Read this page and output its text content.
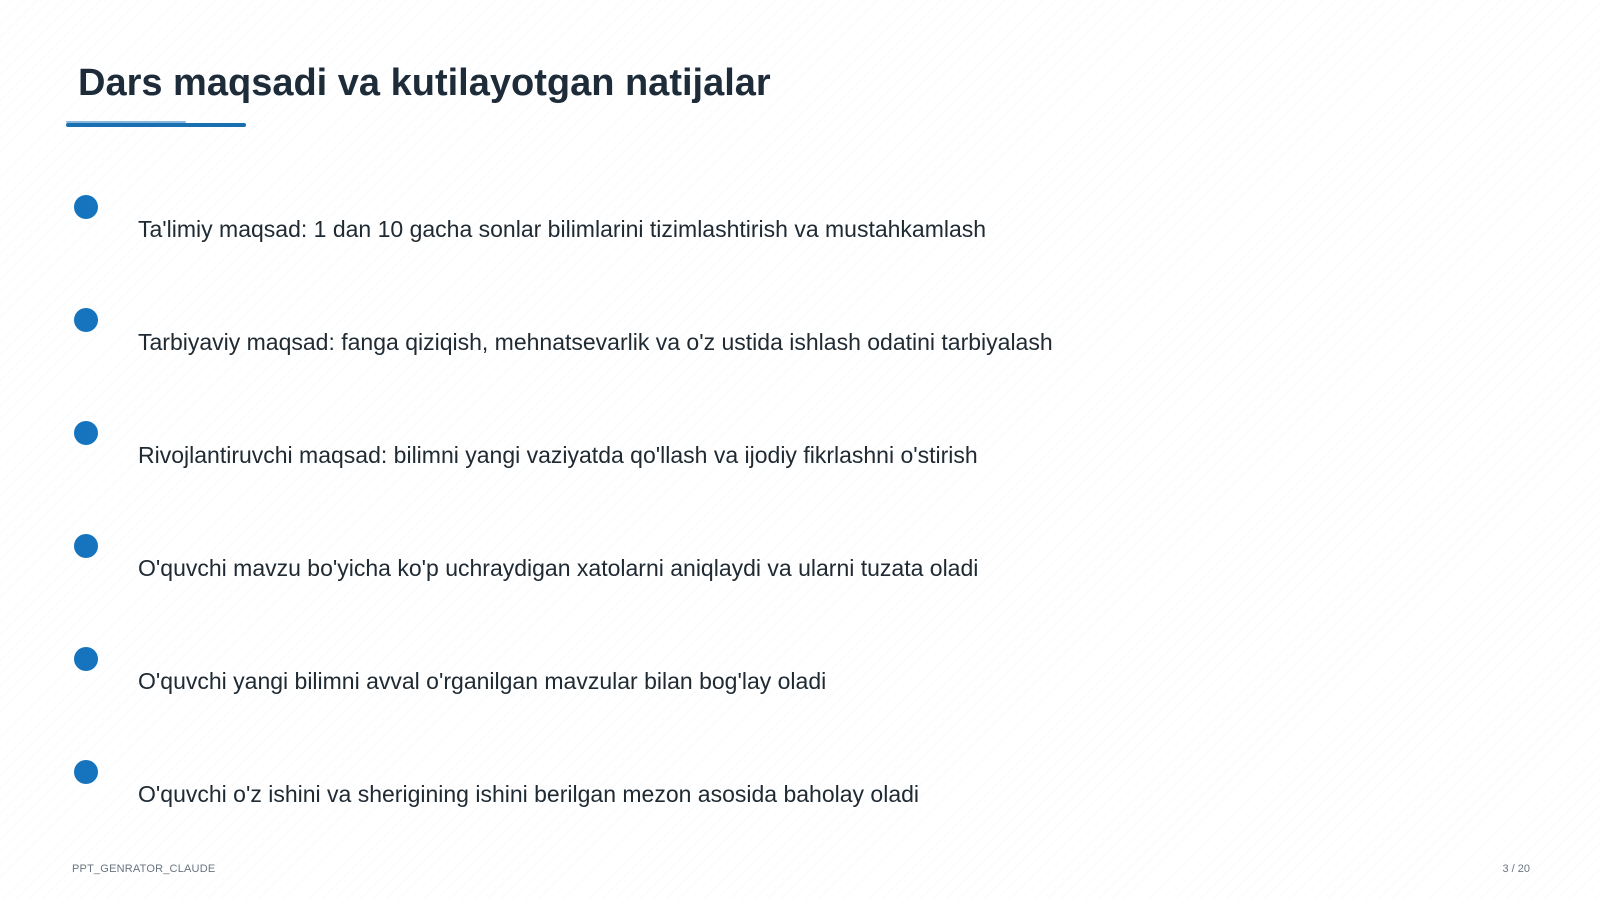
Dars maqsadi va kutilayotgan natijalar
Ta'limiy maqsad: 1 dan 10 gacha sonlar bilimlarini tizimlashtirish va mustahkamlash
Tarbiyaviy maqsad: fanga qiziqish, mehnatsevarlik va o'z ustida ishlash odatini tarbiyalash
Rivojlantiruvchi maqsad: bilimni yangi vaziyatda qo'llash va ijodiy fikrlashni o'stirish
O'quvchi mavzu bo'yicha ko'p uchraydigan xatolarni aniqlaydi va ularni tuzata oladi
O'quvchi yangi bilimni avval o'rganilgan mavzular bilan bog'lay oladi
O'quvchi o'z ishini va sherigining ishini berilgan mezon asosida baholay oladi
PPT_GENRATOR_CLAUDE	3 / 20
